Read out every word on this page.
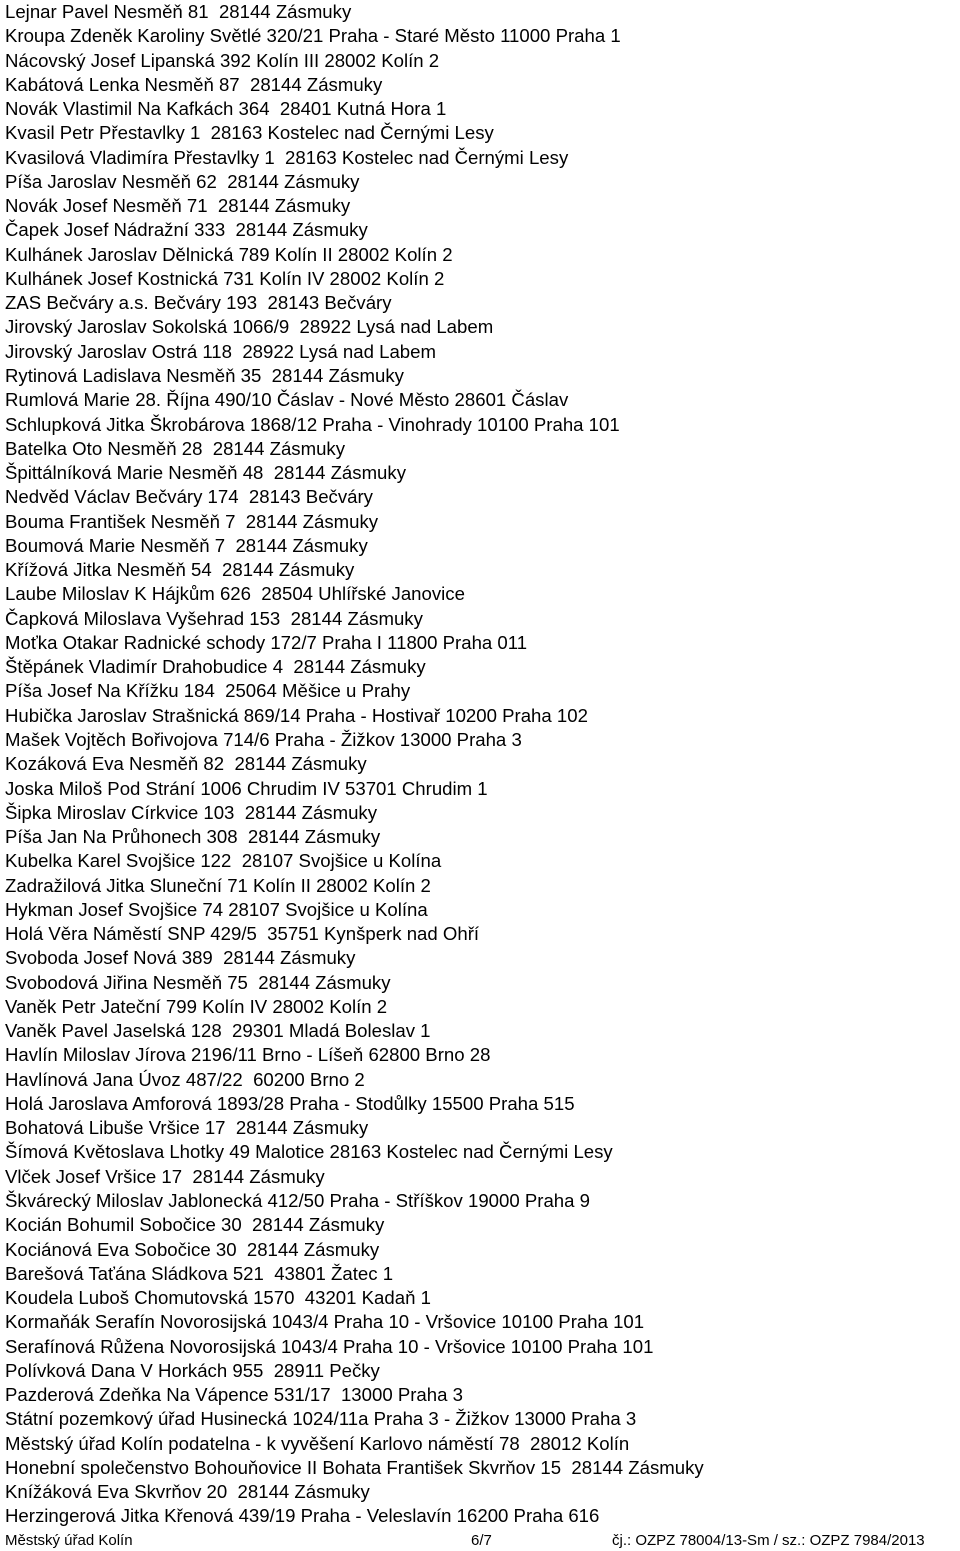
Lejnar Pavel Nesměň 81  28144 Zásmuky
Kroupa Zdeněk Karoliny Světlé 320/21 Praha - Staré Město 11000 Praha 1
Nácovský Josef Lipanská 392 Kolín III 28002 Kolín 2
Kabátová Lenka Nesměň 87  28144 Zásmuky
Novák Vlastimil Na Kafkách 364  28401 Kutná Hora 1
Kvasil Petr Přestavlky 1  28163 Kostelec nad Černými Lesy
Kvasilová Vladimíra Přestavlky 1  28163 Kostelec nad Černými Lesy
Píša Jaroslav Nesměň 62  28144 Zásmuky
Novák Josef Nesměň 71  28144 Zásmuky
Čapek Josef Nádražní 333  28144 Zásmuky
Kulhánek Jaroslav Dělnická 789 Kolín II 28002 Kolín 2
Kulhánek Josef Kostnická 731 Kolín IV 28002 Kolín 2
ZAS Bečváry a.s. Bečváry 193  28143 Bečváry
Jirovský Jaroslav Sokolská 1066/9  28922 Lysá nad Labem
Jirovský Jaroslav Ostrá 118  28922 Lysá nad Labem
Rytinová Ladislava Nesměň 35  28144 Zásmuky
Rumlová Marie 28. Října 490/10 Čáslav - Nové Město 28601 Čáslav
Schlupková Jitka Škrobárova 1868/12 Praha - Vinohrady 10100 Praha 101
Batelka Oto Nesměň 28  28144 Zásmuky
Špittálníková Marie Nesměň 48  28144 Zásmuky
Nedvěd Václav Bečváry 174  28143 Bečváry
Bouma František Nesměň 7  28144 Zásmuky
Boumová Marie Nesměň 7  28144 Zásmuky
Křížová Jitka Nesměň 54  28144 Zásmuky
Laube Miloslav K Hájkům 626  28504 Uhlířské Janovice
Čapková Miloslava Vyšehrad 153  28144 Zásmuky
Moťka Otakar Radnické schody 172/7 Praha I 11800 Praha 011
Štěpánek Vladimír Drahobudice 4  28144 Zásmuky
Píša Josef Na Křížku 184  25064 Měšice u Prahy
Hubička Jaroslav Strašnická 869/14 Praha - Hostivař 10200 Praha 102
Mašek Vojtěch Bořivojova 714/6 Praha - Žižkov 13000 Praha 3
Kozáková Eva Nesměň 82  28144 Zásmuky
Joska Miloš Pod Strání 1006 Chrudim IV 53701 Chrudim 1
Šipka Miroslav Církvice 103  28144 Zásmuky
Píša Jan Na Průhonech 308  28144 Zásmuky
Kubelka Karel Svojšice 122  28107 Svojšice u Kolína
Zadražilová Jitka Sluneční 71 Kolín II 28002 Kolín 2
Hykman Josef Svojšice 74 28107 Svojšice u Kolína
Holá Věra Náměstí SNP 429/5  35751 Kynšperk nad Ohří
Svoboda Josef Nová 389  28144 Zásmuky
Svobodová Jiřina Nesměň 75  28144 Zásmuky
Vaněk Petr Jateční 799 Kolín IV 28002 Kolín 2
Vaněk Pavel Jaselská 128  29301 Mladá Boleslav 1
Havlín Miloslav Jírova 2196/11 Brno - Líšeň 62800 Brno 28
Havlínová Jana Úvoz 487/22  60200 Brno 2
Holá Jaroslava Amforová 1893/28 Praha - Stodůlky 15500 Praha 515
Bohatová Libuše Vršice 17  28144 Zásmuky
Šímová Květoslava Lhotky 49 Malotice 28163 Kostelec nad Černými Lesy
Vlček Josef Vršice 17  28144 Zásmuky
Škvárecký Miloslav Jablonecká 412/50 Praha - Stříškov 19000 Praha 9
Kocián Bohumil Sobočice 30  28144 Zásmuky
Kociánová Eva Sobočice 30  28144 Zásmuky
Barešová Taťána Sládkova 521  43801 Žatec 1
Koudela Luboš Chomutovská 1570  43201 Kadaň 1
Kormaňák Serafín Novorosijská 1043/4 Praha 10 - Vršovice 10100 Praha 101
Serafínová Růžena Novorosijská 1043/4 Praha 10 - Vršovice 10100 Praha 101
Polívková Dana V Horkách 955  28911 Pečky
Pazderová Zdeňka Na Vápence 531/17  13000 Praha 3
Státní pozemkový úřad Husinecká 1024/11a Praha 3 - Žižkov 13000 Praha 3
Městský úřad Kolín podatelna - k vyvěšení Karlovo náměstí 78  28012 Kolín
Honební společenstvo Bohouňovice II Bohata František Skvrňov 15  28144 Zásmuky
Knížáková Eva Skvrňov 20  28144 Zásmuky
Herzingerová Jitka Křenová 439/19 Praha - Veleslavín 16200 Praha 616
Městský úřad Kolín	6/7	čj.: OZPZ 78004/13-Sm / sz.: OZPZ 7984/2013
